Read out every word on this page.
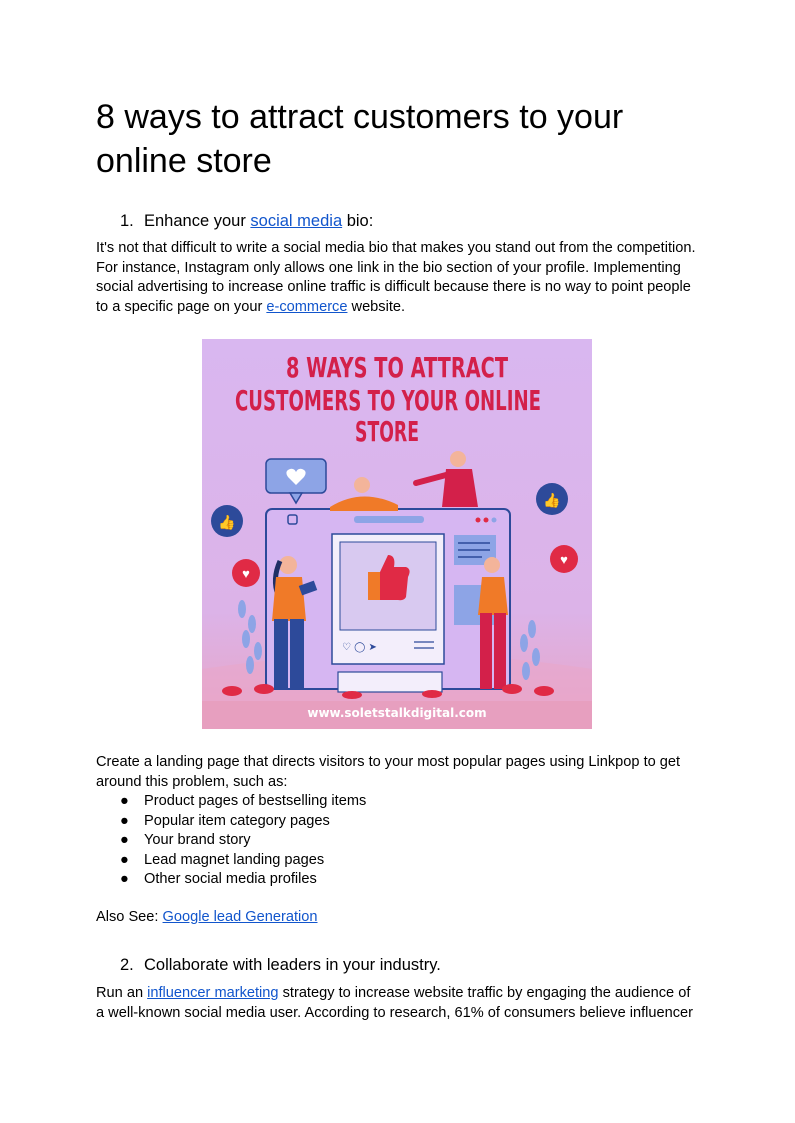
8 ways to attract customers to your online store
1. Enhance your social media bio:

It's not that difficult to write a social media bio that makes you stand out from the competition. For instance, Instagram only allows one link in the bio section of your profile. Implementing social advertising to increase online traffic is difficult because there is no way to point people to a specific page on your e-commerce website.

Create a landing page that directs visitors to your most popular pages using Linkpop to get around this problem, such as:

● Product pages of bestselling items
● Popular item category pages
● Your brand story
● Lead magnet landing pages
● Other social media profiles

Also See: Google lead Generation

2. Collaborate with leaders in your industry.

Run an influencer marketing strategy to increase website traffic by engaging the audience of a well-known social media user. According to research, 61% of consumers believe influencer

8 WAYS TO ATTRACT
CUSTOMERS TO YOUR ONLINE
STORE
www.soletstalkdigital.com
♡ ◯ ➤
👍
👍
♥
♥
